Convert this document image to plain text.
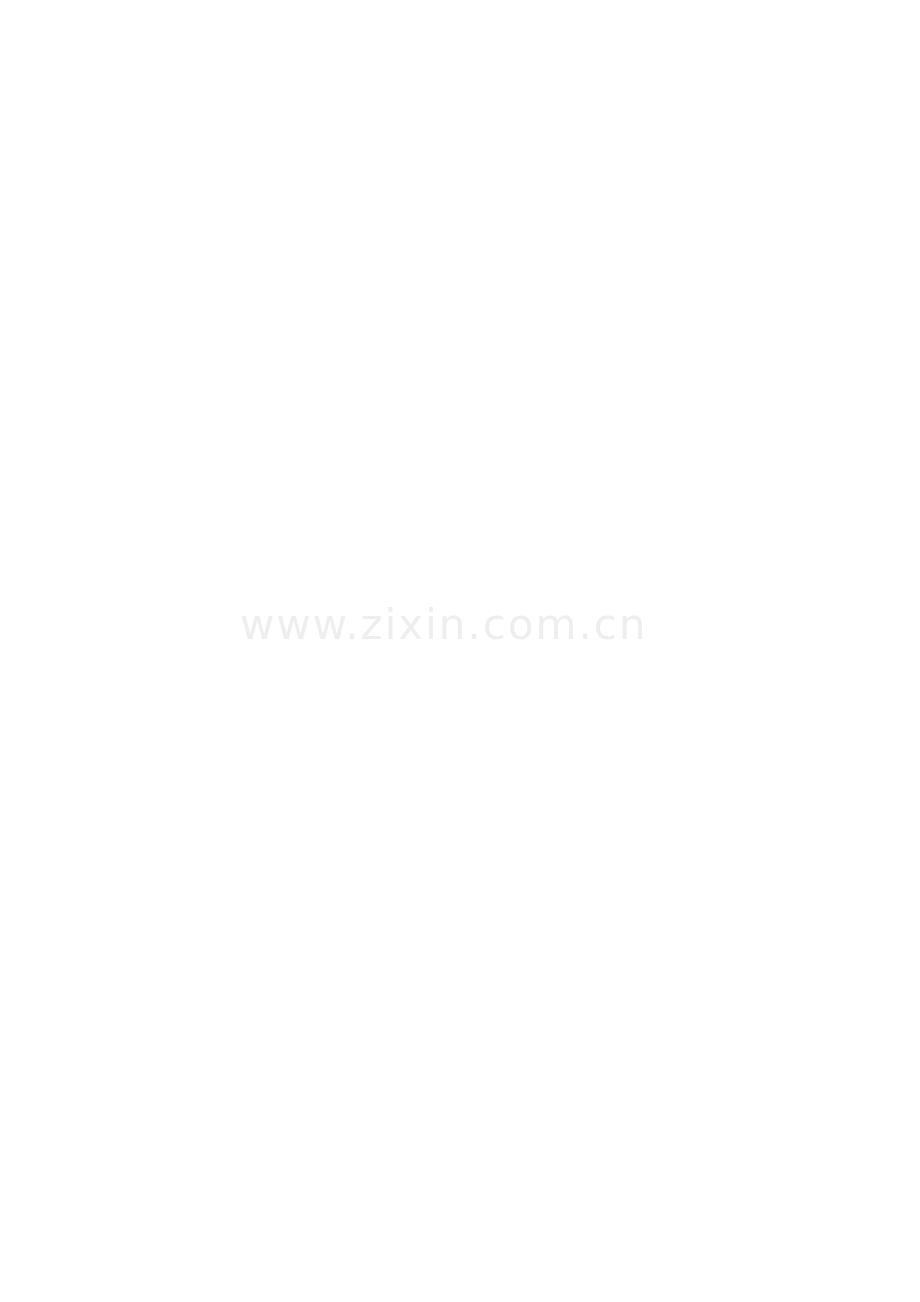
www.zixin.com.cn
